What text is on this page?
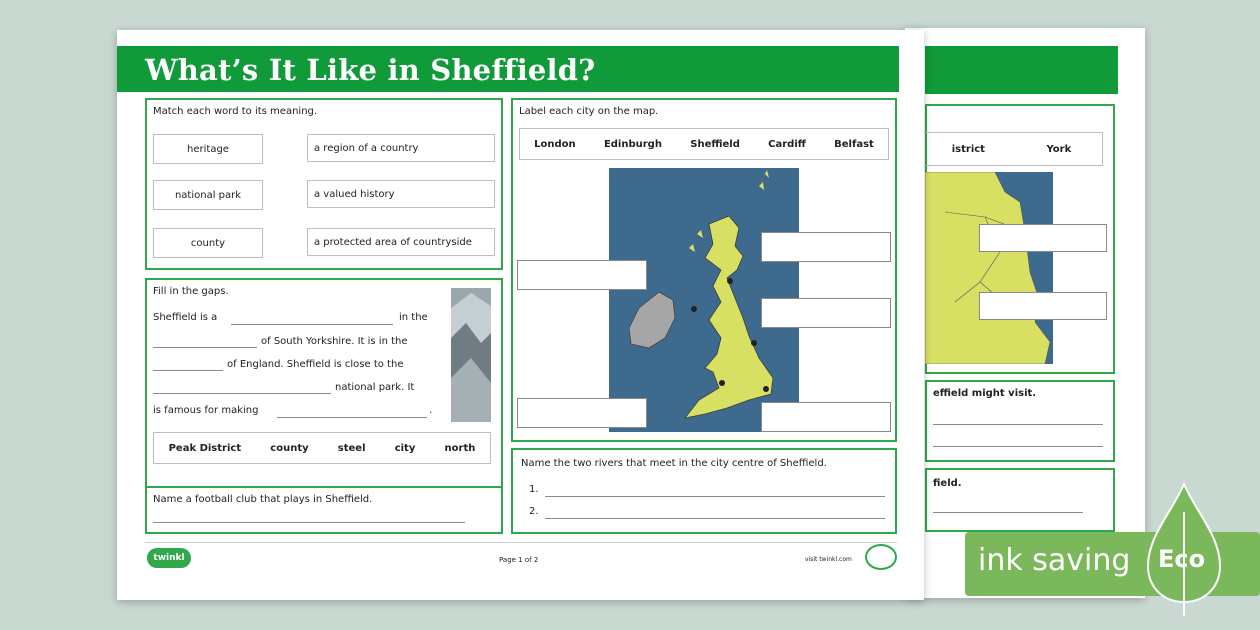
istrict	York
effield might visit.
field.
What’s It Like in Sheffield?
Match each word to its meaning.
heritage
national park
county
a region of a country
a valued history
a protected area of countryside
Fill in the gaps.
Sheffield is a	in the
of South Yorkshire. It is in the
of England. Sheffield is close to the
national park. It
is famous for making	.
Peak District	county	steel	city	north
Name a football club that plays in Sheffield.
Label each city on the map.
London	Edinburgh	Sheffield	Cardiff	Belfast
Name the two rivers that meet in the city centre of Sheffield.
1.
2.
twinkl	Page 1 of 2	visit twinkl.com	ink saving Eco
